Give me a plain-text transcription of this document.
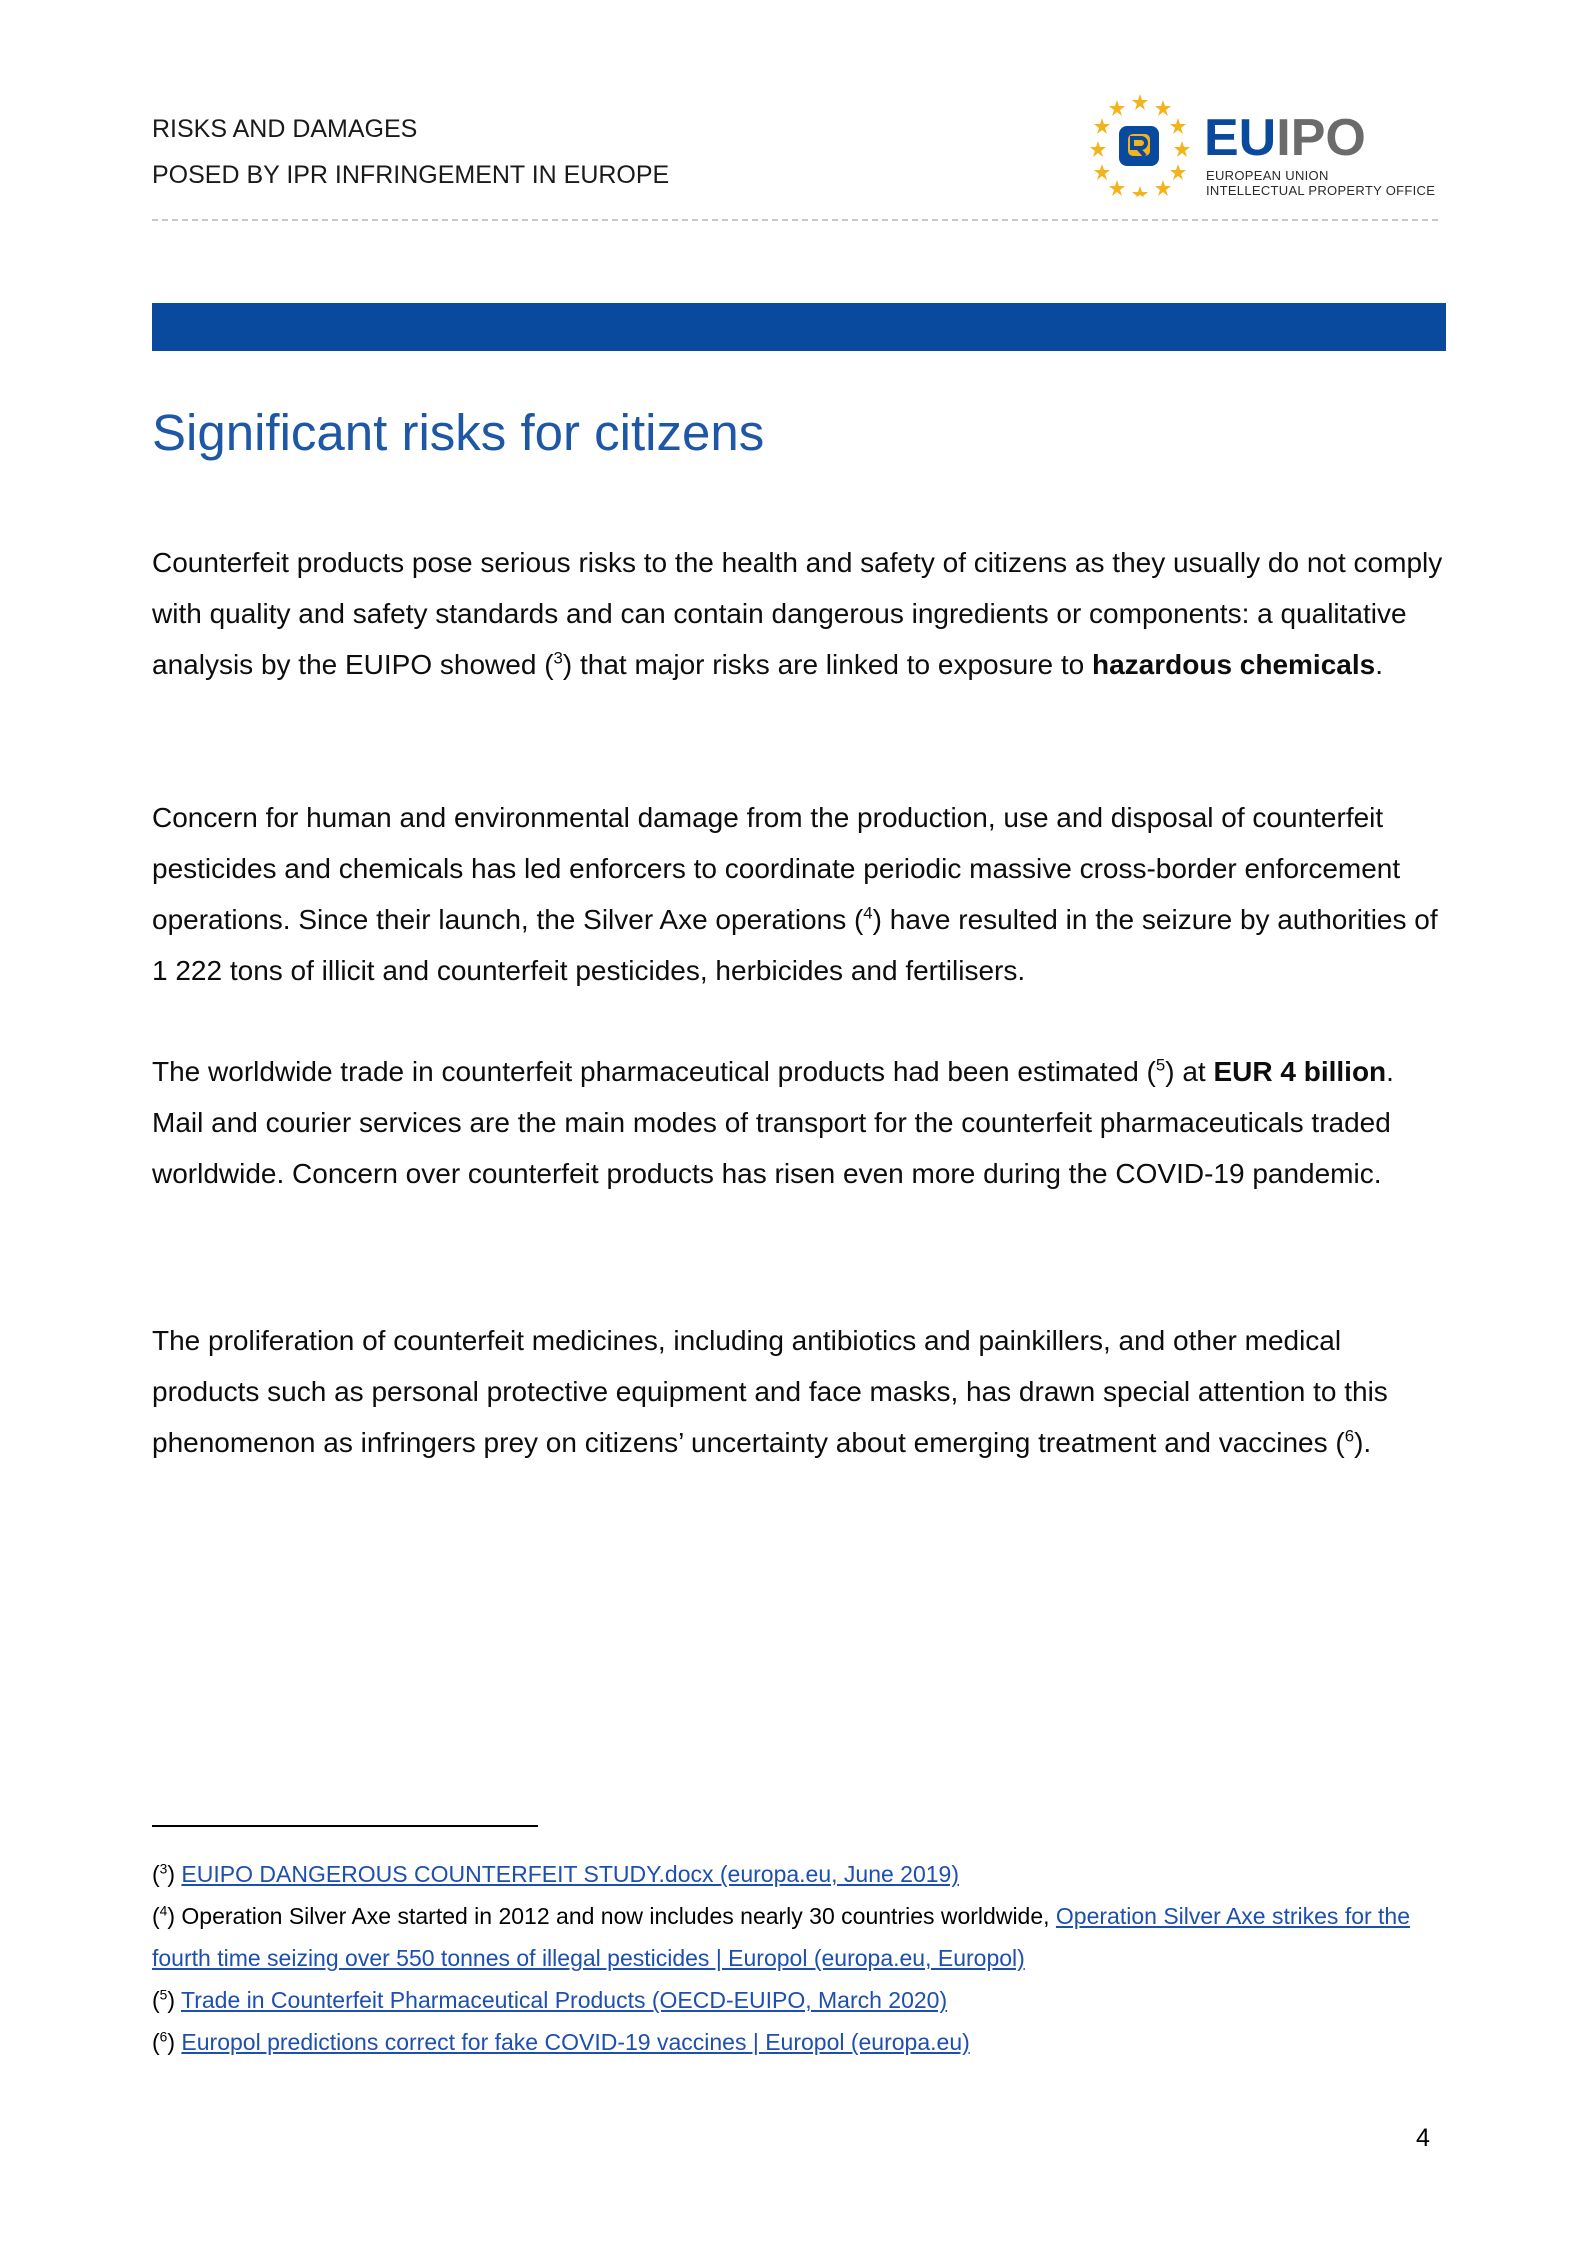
RISKS AND DAMAGES
POSED BY IPR INFRINGEMENT IN EUROPE
EUIPO
EUROPEAN UNION
INTELLECTUAL PROPERTY OFFICE
Significant risks for citizens

Counterfeit products pose serious risks to the health and safety of citizens as they usually do not comply with quality and safety standards and can contain dangerous ingredients or components: a qualitative analysis by the EUIPO showed ($^3$) that major risks are linked to exposure to hazardous chemicals.

Concern for human and environmental damage from the production, use and disposal of counterfeit pesticides and chemicals has led enforcers to coordinate periodic massive cross-border enforcement operations. Since their launch, the Silver Axe operations ($^4$) have resulted in the seizure by authorities of 1 222 tons of illicit and counterfeit pesticides, herbicides and fertilisers.

The worldwide trade in counterfeit pharmaceutical products had been estimated ($^5$) at EUR 4 billion. Mail and courier services are the main modes of transport for the counterfeit pharmaceuticals traded worldwide. Concern over counterfeit products has risen even more during the COVID-19 pandemic.

The proliferation of counterfeit medicines, including antibiotics and painkillers, and other medical products such as personal protective equipment and face masks, has drawn special attention to this phenomenon as infringers prey on citizens’ uncertainty about emerging treatment and vaccines ($^6$).

($^3$) EUIPO DANGEROUS COUNTERFEIT STUDY.docx (europa.eu, June 2019)

($^4$) Operation Silver Axe started in 2012 and now includes nearly 30 countries worldwide, Operation Silver Axe strikes for the fourth time seizing over 550 tonnes of illegal pesticides | Europol (europa.eu, Europol)

($^5$) Trade in Counterfeit Pharmaceutical Products (OECD-EUIPO, March 2020)

($^6$) Europol predictions correct for fake COVID-19 vaccines | Europol (europa.eu)

4
